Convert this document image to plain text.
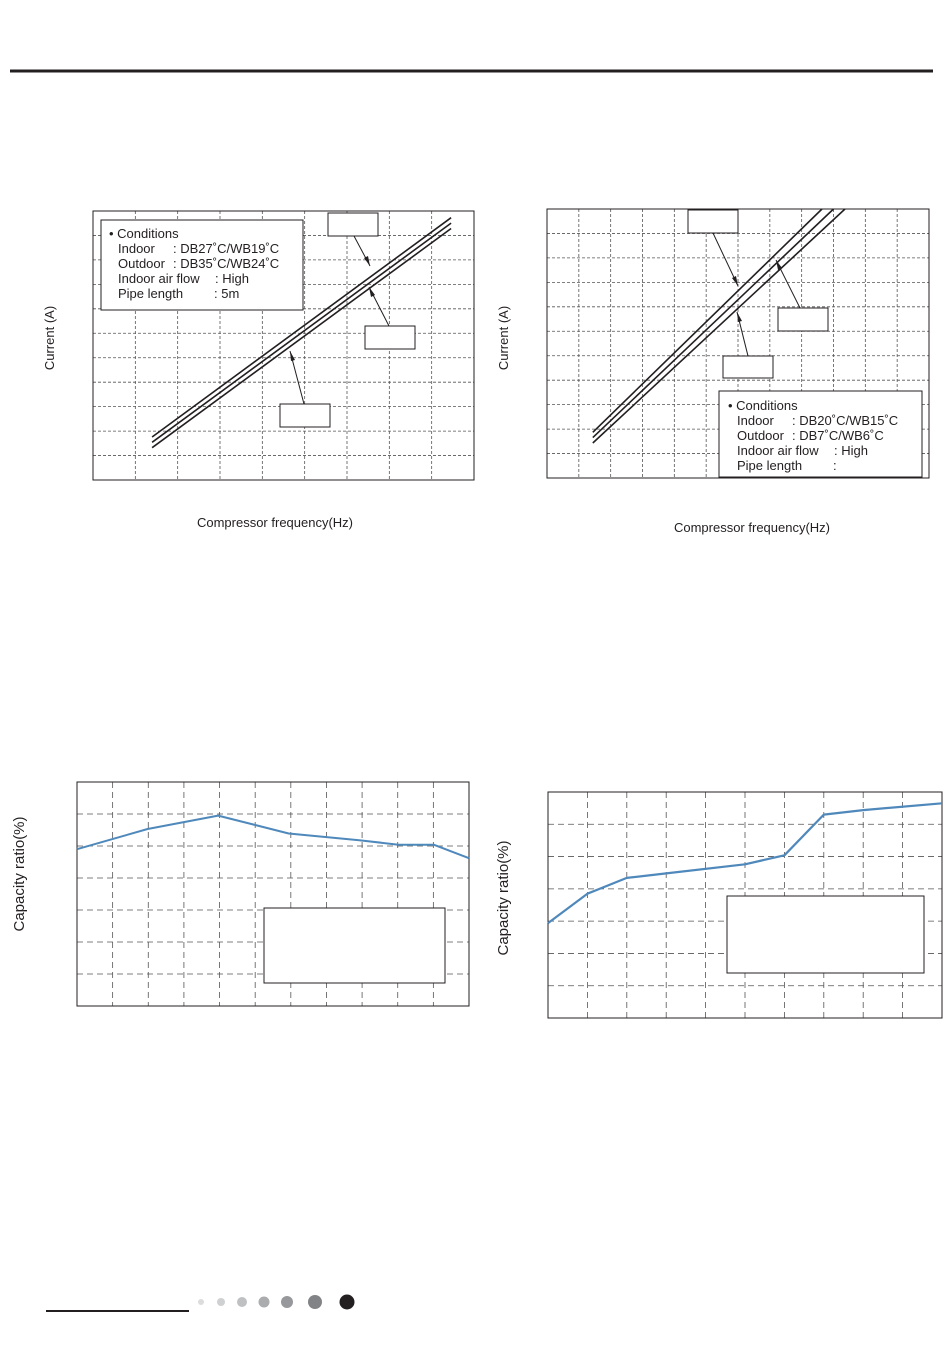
• Conditions
Indoor : DB27˚C/WB19˚C
Outdoor : DB35˚C/WB24˚C
Indoor air flow : High
Pipe length : 5m
Compressor frequency(Hz)
Current (A)
• Conditions
Indoor : DB20˚C/WB15˚C
Outdoor : DB7˚C/WB6˚C
Indoor air flow : High
Pipe length :
Compressor frequency(Hz)
Current (A)
Capacity ratio(%)	Capacity ratio(%)
